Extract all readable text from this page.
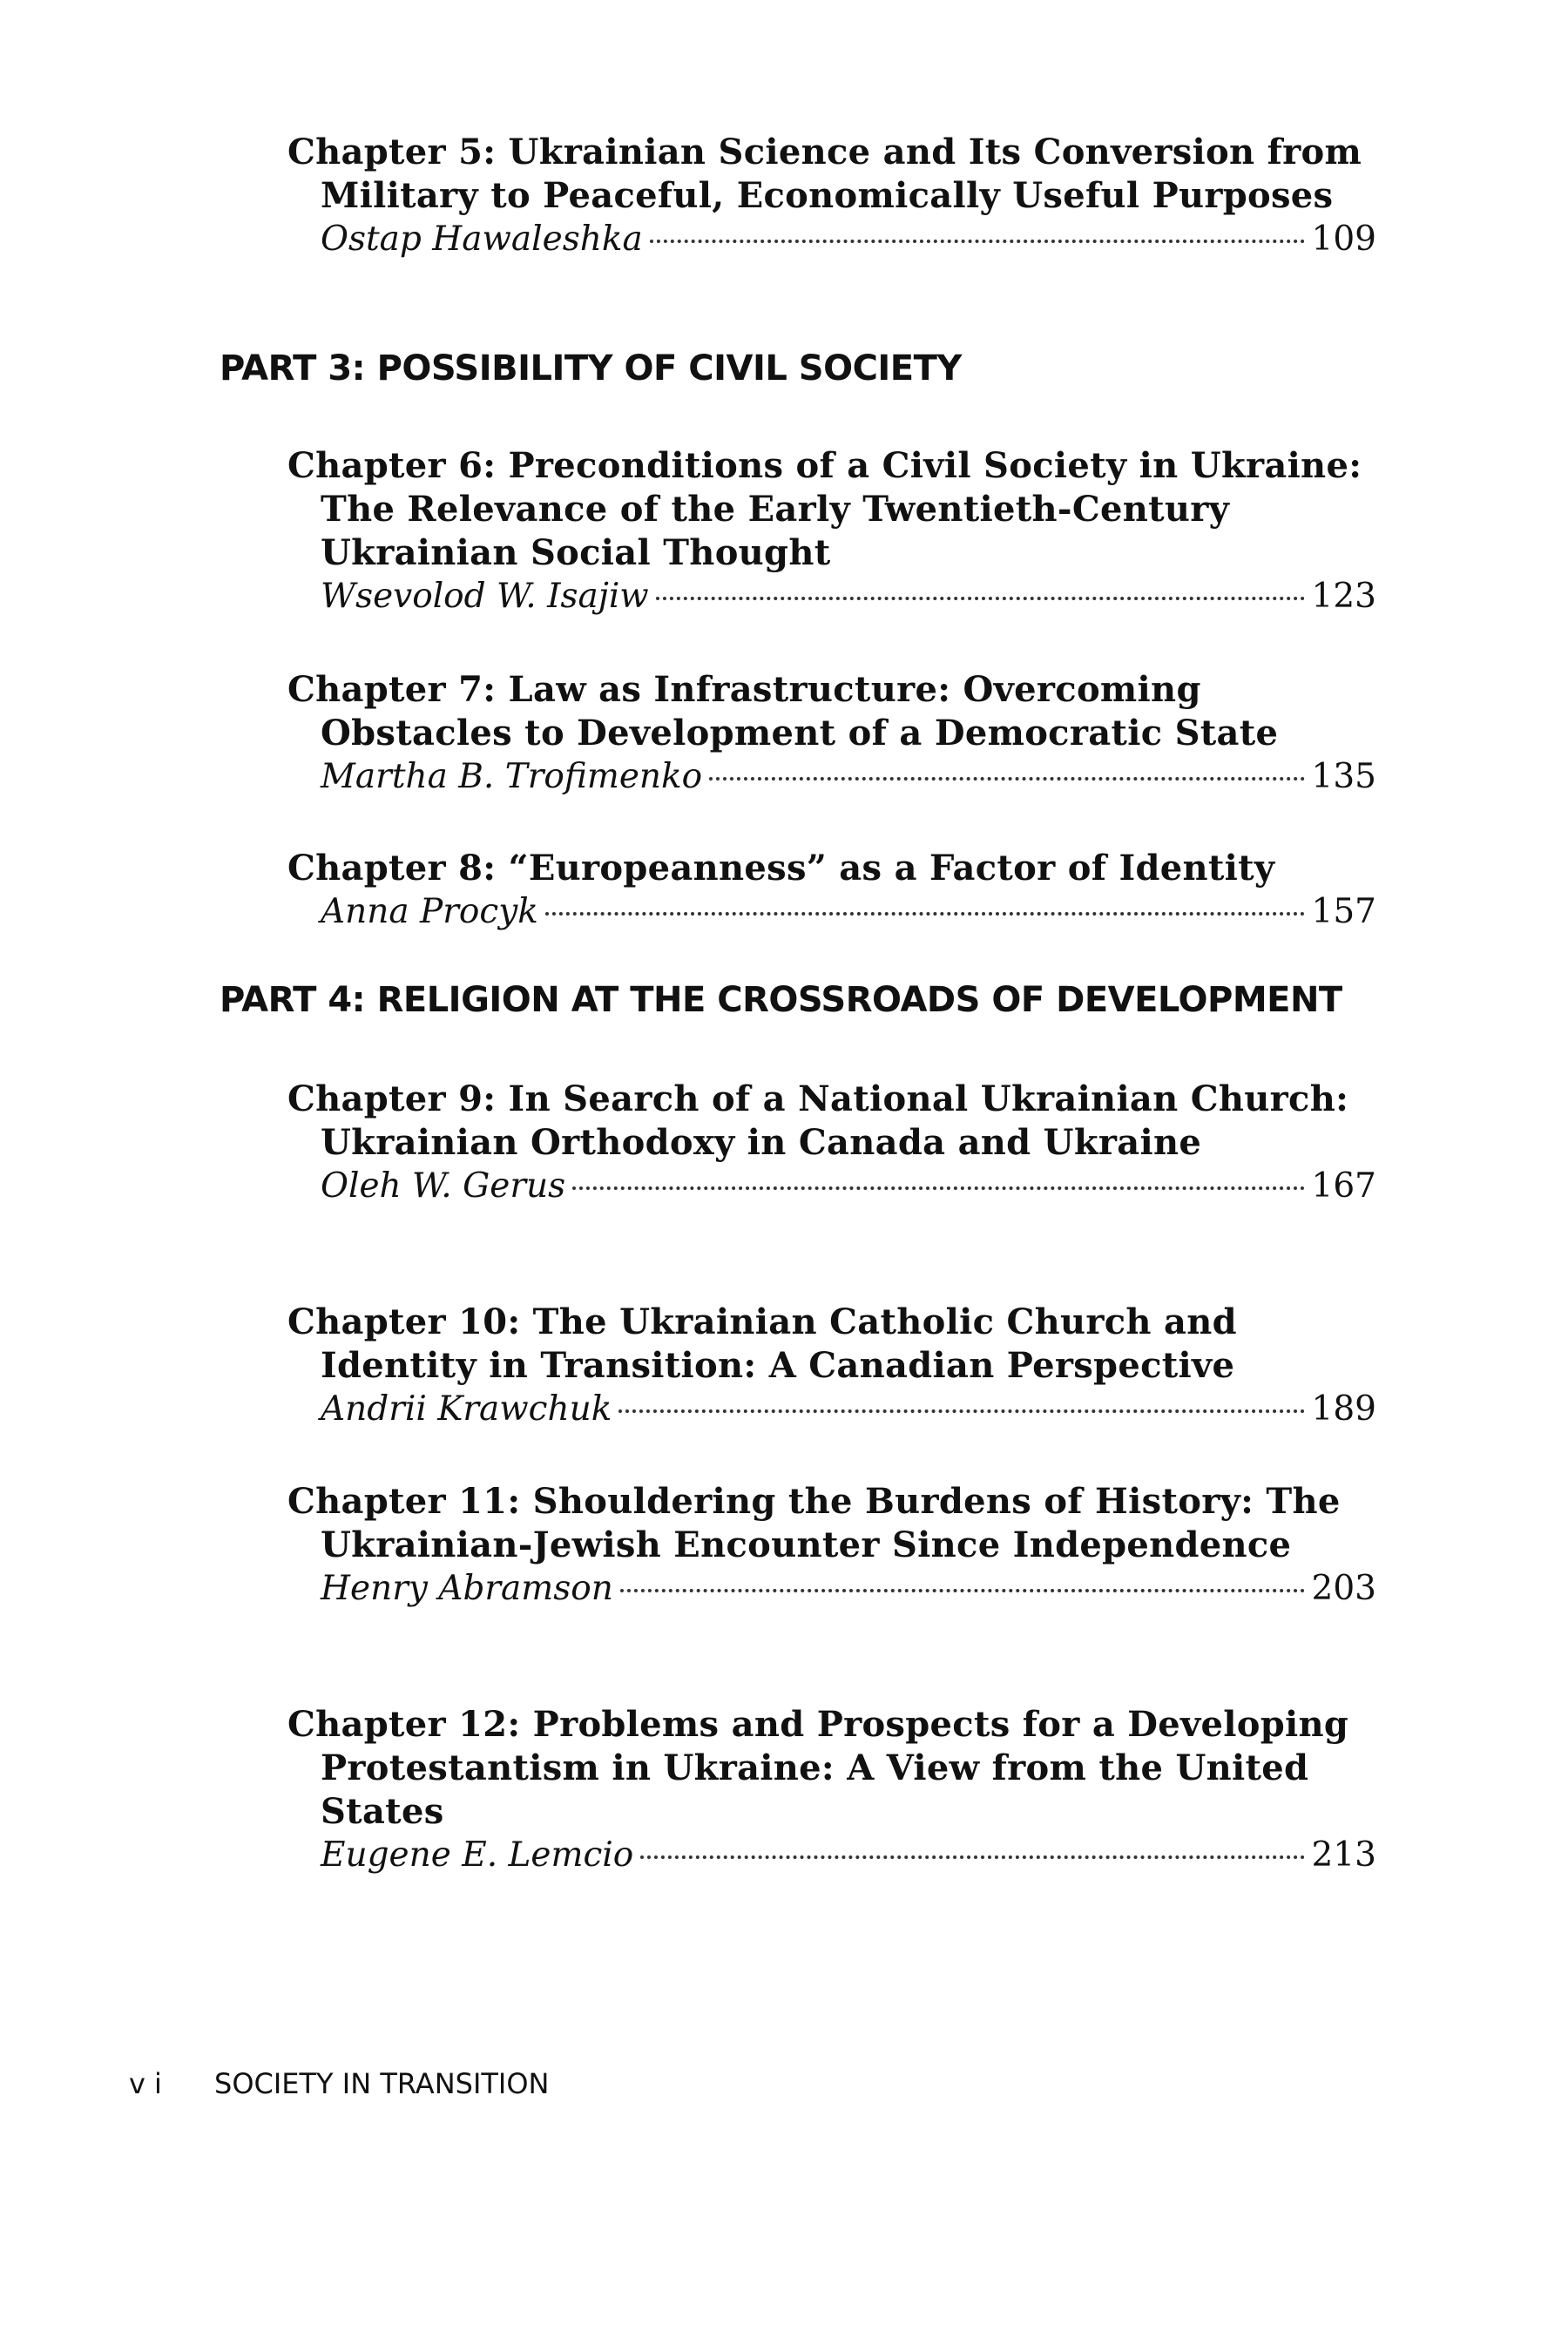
Chapter 5: Ukrainian Science and Its Conversion from Military to Peaceful, Economically Useful Purposes
Ostap Hawaleshka	109
PART 3: POSSIBILITY OF CIVIL SOCIETY
Chapter 6: Preconditions of a Civil Society in Ukraine: The Relevance of the Early Twentieth-Century Ukrainian Social Thought
Wsevolod W. Isajiw	123
Chapter 7: Law as Infrastructure: Overcoming Obstacles to Development of a Democratic State
Martha B. Trofimenko	135
Chapter 8: “Europeanness” as a Factor of Identity
Anna Procyk	157
PART 4: RELIGION AT THE CROSSROADS OF DEVELOPMENT
Chapter 9: In Search of a National Ukrainian Church: Ukrainian Orthodoxy in Canada and Ukraine
Oleh W. Gerus	167
Chapter 10: The Ukrainian Catholic Church and Identity in Transition: A Canadian Perspective
Andrii Krawchuk	189
Chapter 11: Shouldering the Burdens of History: The Ukrainian-Jewish Encounter Since Independence
Henry Abramson	203
Chapter 12: Problems and Prospects for a Developing Protestantism in Ukraine: A View from the United States
Eugene E. Lemcio	213
vi SOCIETY IN TRANSITION
